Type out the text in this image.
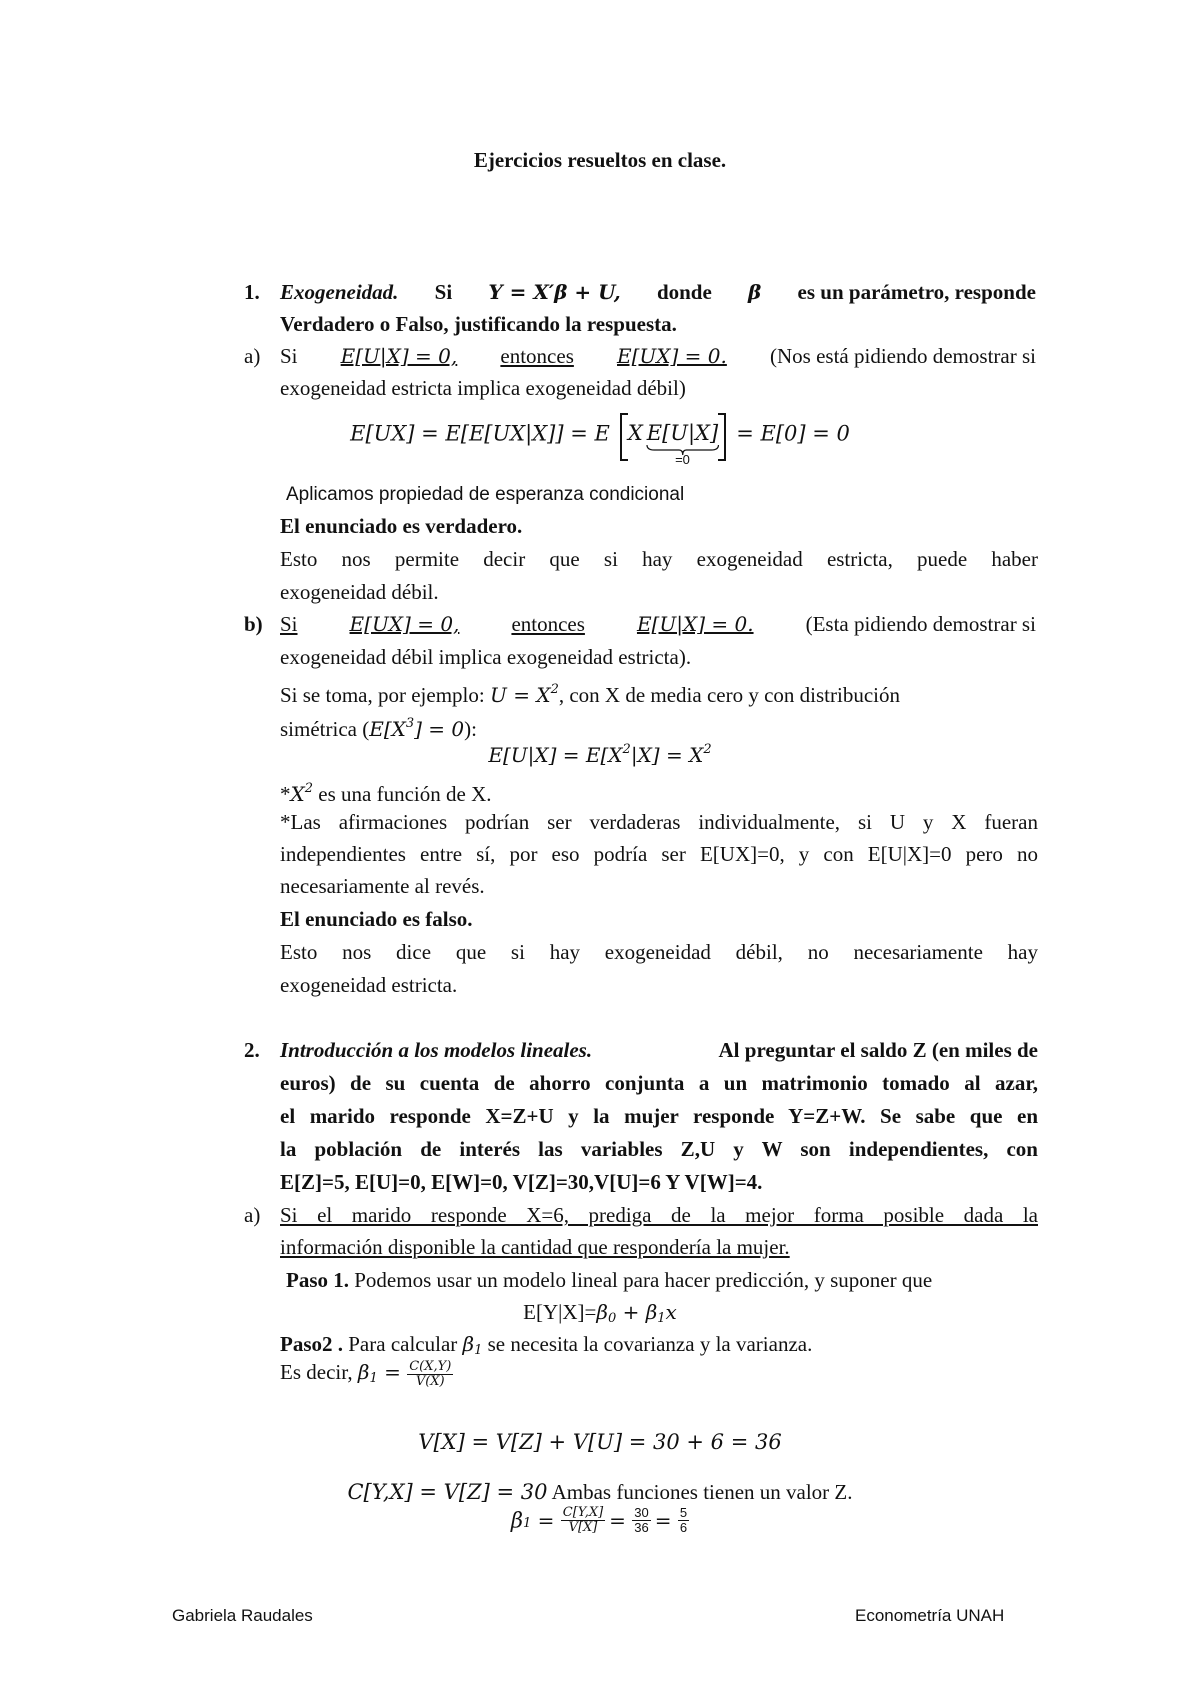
Ejercicios resueltos en clase.
1. Exogeneidad. Si Y = X′β + U, donde β es un parámetro, responde
Verdadero o Falso, justificando la respuesta.
a) Si E[U|X] = 0, entonces E[UX] = 0. (Nos está pidiendo demostrar si
exogeneidad estricta implica exogeneidad débil)
E[UX] = E[E[UX|X]] = E X E[U|X]
=0
= E[0] = 0
Aplicamos propiedad de esperanza condicional
El enunciado es verdadero.
Esto nos permite decir que si hay exogeneidad estricta, puede haber
exogeneidad débil.
b) Si	E[UX] = 0, entonces	E[U|X] = 0. (Esta pidiendo demostrar si
exogeneidad débil implica exogeneidad estricta).
Si se toma, por ejemplo: $U = X^2$, con X de media cero y con distribución
simétrica $(E[X^3] = 0)$:
$E[U|X] = E[X^2|X] = X^2$
$*X^2$ es una función de X.
*Las afirmaciones podrían ser verdaderas individualmente, si U y X fueran
independientes entre sí, por eso podría ser E[UX]=0, y con E[U|X]=0 pero no
necesariamente al revés.
El enunciado es falso.
Esto nos dice que si hay exogeneidad débil, no necesariamente hay
exogeneidad estricta.
2. Introducción a los modelos lineales.	Al preguntar el saldo Z (en miles de
euros) de su cuenta de ahorro conjunta a un matrimonio tomado al azar,
el marido responde X=Z+U y la mujer responde Y=Z+W. Se sabe que en
la población de interés las variables Z,U y W son independientes, con
E[Z]=5, E[U]=0, E[W]=0, V[Z]=30,V[U]=6 Y V[W]=4.
a) Si el marido responde X=6, prediga de la mejor forma posible dada la
información disponible la cantidad que respondería la mujer.
Paso 1. Podemos usar un modelo lineal para hacer predicción, y suponer que
$E[Y|X]=\beta_0 + \beta_1x$
Paso2 . Para calcular $\beta_1$ se necesita la covarianza y la varianza.
Es decir, $\beta_1 = \frac{C(X,Y)}{V(X)}$
V[X] = V[Z] + V[U] = 30 + 6 = 36
C[Y,X] = V[Z] = 30 Ambas funciones tienen un valor Z.
$\beta_1 = \frac{C[Y,X]}{V[X]} = \frac{30}{36} = \frac{5}{6}$
Gabriela Raudales	Econometría UNAH
